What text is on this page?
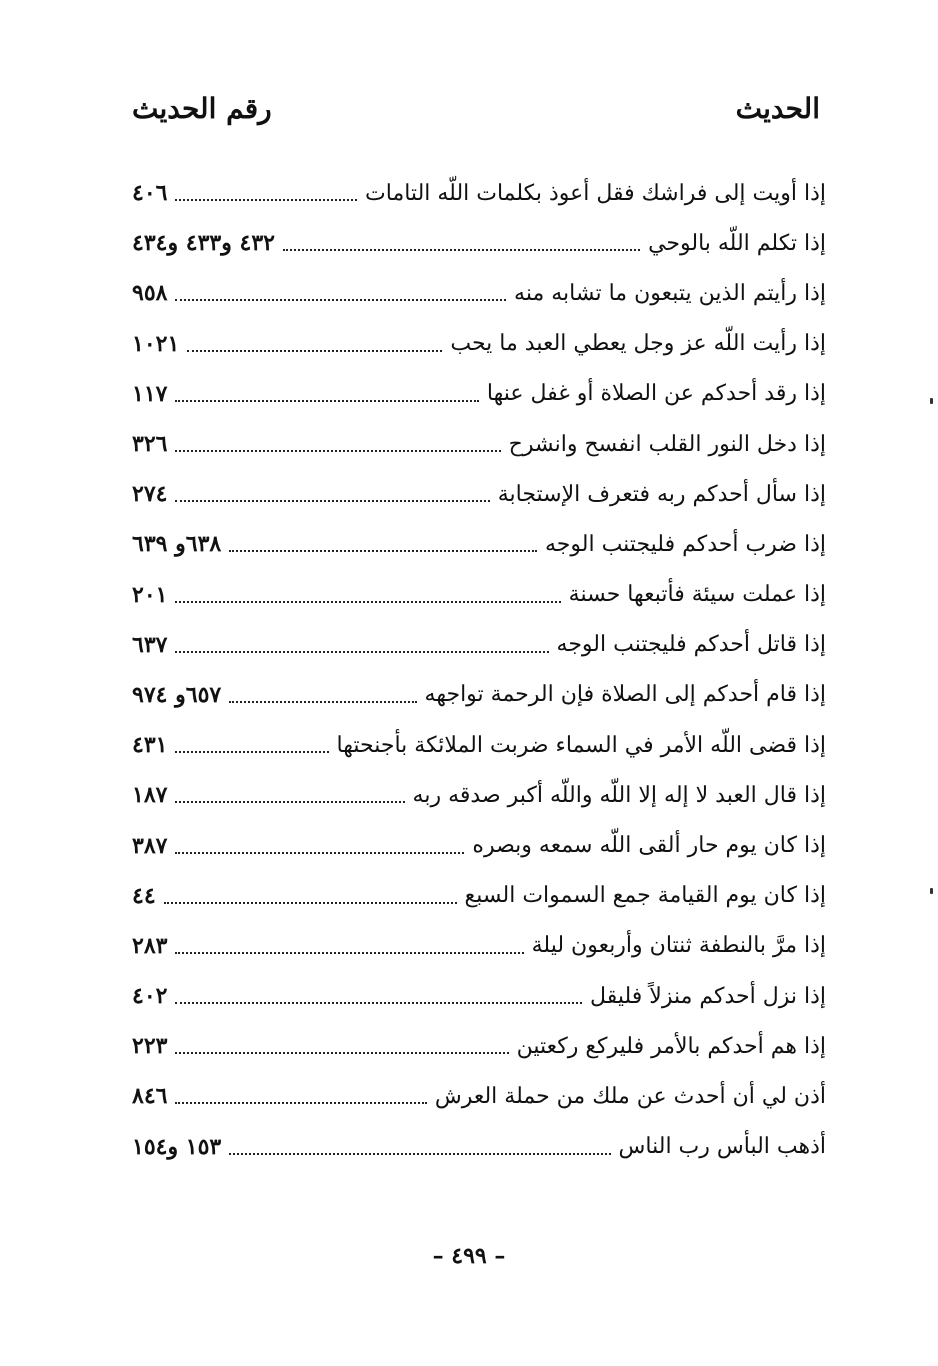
الحديث
رقم الحديث
إذا أويت إلى فراشك فقل أعوذ بكلمات اللّه التامات
٤٠٦
إذا تكلم اللّه بالوحي
٤٣٢ و٤٣٣ و٤٣٤
إذا رأيتم الذين يتبعون ما تشابه منه
٩٥٨
إذا رأيت اللّه عز وجل يعطي العبد ما يحب
١٠٢١
إذا رقد أحدكم عن الصلاة أو غفل عنها
١١٧
إذا دخل النور القلب انفسح وانشرح
٣٢٦
إذا سأل أحدكم ربه فتعرف الإستجابة
٢٧٤
إذا ضرب أحدكم فليجتنب الوجه
٦٣٨و ٦٣٩
إذا عملت سيئة فأتبعها حسنة
٢٠١
إذا قاتل أحدكم فليجتنب الوجه
٦٣٧
إذا قام أحدكم إلى الصلاة فإن الرحمة تواجهه
٦٥٧و ٩٧٤
إذا قضى اللّه الأمر في السماء ضربت الملائكة بأجنحتها
٤٣١
إذا قال العبد لا إله إلا اللّه واللّه أكبر صدقه ربه
١٨٧
إذا كان يوم حار ألقى اللّه سمعه وبصره
٣٨٧
إذا كان يوم القيامة جمع السموات السبع
٤٤
إذا مرَّ بالنطفة ثنتان وأربعون ليلة
٢٨٣
إذا نزل أحدكم منزلاً فليقل
٤٠٢
إذا هم أحدكم بالأمر فليركع ركعتين
٢٢٣
أذن لي أن أحدث عن ملك من حملة العرش
٨٤٦
أذهب البأس رب الناس
١٥٣ و١٥٤
– ٤٩٩ –
